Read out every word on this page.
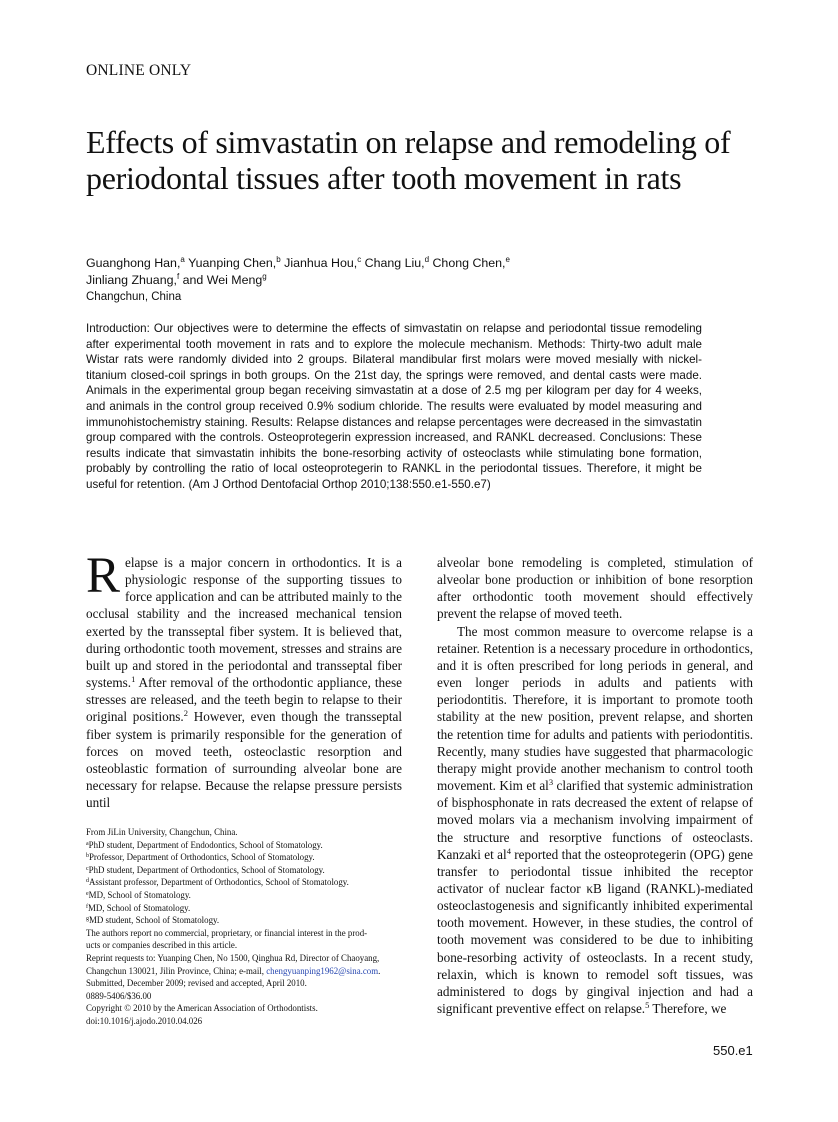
ONLINE ONLY
Effects of simvastatin on relapse and remodeling of periodontal tissues after tooth movement in rats
Guanghong Han,$^a$ Yuanping Chen,$^b$ Jianhua Hou,$^c$ Chang Liu,$^d$ Chong Chen,$^e$
Jinliang Zhuang,$^f$ and Wei Meng$^g$
Changchun, China

Introduction: Our objectives were to determine the effects of simvastatin on relapse and periodontal tissue remodeling after experimental tooth movement in rats and to explore the molecule mechanism. Methods: Thirty-two adult male Wistar rats were randomly divided into 2 groups. Bilateral mandibular first molars were moved mesially with nickel-titanium closed-coil springs in both groups. On the 21st day, the springs were removed, and dental casts were made. Animals in the experimental group began receiving simvastatin at a dose of 2.5 mg per kilogram per day for 4 weeks, and animals in the control group received 0.9% sodium chloride. The results were evaluated by model measuring and immunohistochemistry staining. Results: Relapse distances and relapse percentages were decreased in the simvastatin group compared with the controls. Osteoprotegerin expression increased, and RANKL decreased. Conclusions: These results indicate that simvastatin inhibits the bone-resorbing activity of osteoclasts while stimulating bone formation, probably by controlling the ratio of local osteoprotegerin to RANKL in the periodontal tissues. Therefore, it might be useful for retention. (Am J Orthod Dentofacial Orthop 2010;138:550.e1-550.e7)

Relapse is a major concern in orthodontics. It is a physiologic response of the supporting tissues to force application and can be attributed mainly to the occlusal stability and the increased mechanical tension exerted by the transseptal fiber system. It is believed that, during orthodontic tooth movement, stresses and strains are built up and stored in the periodontal and transseptal fiber systems.$^1$ After removal of the orthodontic appliance, these stresses are released, and the teeth begin to relapse to their original positions.$^2$ However, even though the transseptal fiber system is primarily responsible for the generation of forces on moved teeth, osteoclastic resorption and osteoblastic formation of surrounding alveolar bone are necessary for relapse. Because the relapse pressure persists until

alveolar bone remodeling is completed, stimulation of alveolar bone production or inhibition of bone resorption after orthodontic tooth movement should effectively prevent the relapse of moved teeth.

The most common measure to overcome relapse is a retainer. Retention is a necessary procedure in orthodontics, and it is often prescribed for long periods in general, and even longer periods in adults and patients with periodontitis. Therefore, it is important to promote tooth stability at the new position, prevent relapse, and shorten the retention time for adults and patients with periodontitis. Recently, many studies have suggested that pharmacologic therapy might provide another mechanism to control tooth movement. Kim et $al^3$ clarified that systemic administration of bisphosphonate in rats decreased the extent of relapse of moved molars via a mechanism involving impairment of the structure and resorptive functions of osteoclasts. Kanzaki et $al^4$ reported that the osteoprotegerin (OPG) gene transfer to periodontal tissue inhibited the receptor activator of nuclear factor κB ligand (RANKL)-mediated osteoclastogenesis and significantly inhibited experimental tooth movement. However, in these studies, the control of tooth movement was considered to be due to inhibiting bone-resorbing activity of osteoclasts. In a recent study, relaxin, which is known to remodel soft tissues, was administered to dogs by gingival injection and had a significant preventive effect on relapse.$^5$ Therefore, we

From JiLin University, Changchun, China.
$^a$PhD student, Department of Endodontics, School of Stomatology.
$^b$Professor, Department of Orthodontics, School of Stomatology.
$^c$PhD student, Department of Orthodontics, School of Stomatology.
$^d$Assistant professor, Department of Orthodontics, School of Stomatology.
$^e$MD, School of Stomatology.
$^f$MD, School of Stomatology.
$^g$MD student, School of Stomatology.
The authors report no commercial, proprietary, or financial interest in the prod-
ucts or companies described in this article.
Reprint requests to: Yuanping Chen, No 1500, Qinghua Rd, Director of Chaoyang,
Changchun 130021, Jilin Province, China; e-mail, chengyuanping1962@sina.com.
Submitted, December 2009; revised and accepted, April 2010.
0889-5406/$36.00
Copyright © 2010 by the American Association of Orthodontists.
doi:10.1016/j.ajodo.2010.04.026
550.e1
